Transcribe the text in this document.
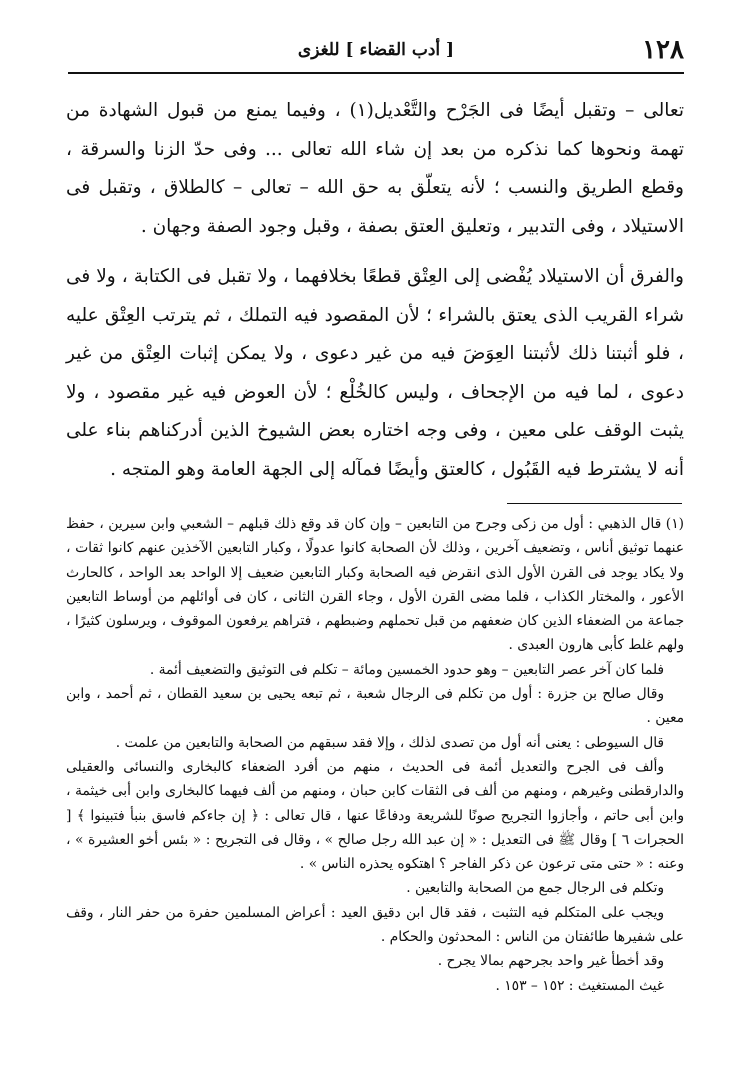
١٢٨
[ أدب القضاء ] للغزى

تعالى – وتقبل أيضًا فى الجَرْح والتَّعْديل(١) ، وفيما يمنع من قبول الشهادة من تهمة ونحوها كما نذكره من بعد إن شاء الله تعالى ... وفى حدّ الزنا والسرقة ، وقطع الطريق والنسب ؛ لأنه يتعلّق به حق الله – تعالى – كالطلاق ، وتقبل فى الاستيلاد ، وفى التدبير ، وتعليق العتق بصفة ، وقبل وجود الصفة وجهان .

والفرق أن الاستيلاد يُفْضى إلى العِتْق قطعًا بخلافهما ، ولا تقبل فى الكتابة ، ولا فى شراء القريب الذى يعتق بالشراء ؛ لأن المقصود فيه التملك ، ثم يترتب العِتْق عليه ، فلو أثبتنا ذلك لأثبتنا العِوَضَ فيه من غير دعوى ، ولا يمكن إثبات العِتْق من غير دعوى ، لما فيه من الإجحاف ، وليس كالخُلْع ؛ لأن العوض فيه غير مقصود ، ولا يثبت الوقف على معين ، وفى وجه اختاره بعض الشيوخ الذين أدركناهم بناء على أنه لا يشترط فيه القَبُول ، كالعتق وأيضًا فمآله إلى الجهة العامة وهو المتجه .

(١) قال الذهبي : أول من زكى وجرح من التابعين – وإن كان قد وقع ذلك قبلهم – الشعبي وابن سيرين ، حفظ عنهما توثيق أناس ، وتضعيف آخرين ، وذلك لأن الصحابة كانوا عدولًا ، وكبار التابعين الآخذين عنهم كانوا ثقات ، ولا يكاد يوجد فى القرن الأول الذى انقرض فيه الصحابة وكبار التابعين ضعيف إلا الواحد بعد الواحد ، كالحارث الأعور ، والمختار الكذاب ، فلما مضى القرن الأول ، وجاء القرن الثانى ، كان فى أوائلهم من أوساط التابعين جماعة من الضعفاء الذين كان ضعفهم من قبل تحملهم وضبطهم ، فتراهم يرفعون الموقوف ، ويرسلون كثيرًا ، ولهم غلط كأبى هارون العبدى .

فلما كان آخر عصر التابعين – وهو حدود الخمسين ومائة – تكلم فى التوثيق والتضعيف أئمة .

وقال صالح بن جزرة : أول من تكلم فى الرجال شعبة ، ثم تبعه يحيى بن سعيد القطان ، ثم أحمد ، وابن معين .

قال السيوطى : يعنى أنه أول من تصدى لذلك ، وإلا فقد سبقهم من الصحابة والتابعين من علمت .

وألف فى الجرح والتعديل أئمة فى الحديث ، منهم من أفرد الضعفاء كالبخارى والنسائى والعقيلى والدارقطنى وغيرهم ، ومنهم من ألف فى الثقات كابن حبان ، ومنهم من ألف فيهما كالبخارى وابن أبى خيثمة ، وابن أبى حاتم ، وأجازوا التجريح صونًا للشريعة ودفاعًا عنها ، قال تعالى : ﴿ إن جاءكم فاسق بنبأ فتبينوا ﴾ [ الحجرات ٦ ] وقال ﷺ فى التعديل : « إن عبد الله رجل صالح » ، وقال فى التجريح : « بئس أخو العشيرة » ، وعنه : « حتى متى ترعون عن ذكر الفاجر ؟ اهتكوه يحذره الناس » .

وتكلم فى الرجال جمع من الصحابة والتابعين .

ويجب على المتكلم فيه التثبت ، فقد قال ابن دقيق العيد : أعراض المسلمين حفرة من حفر النار ، وقف على شفيرها طائفتان من الناس : المحدثون والحكام .

وقد أخطأ غير واحد بجرحهم بمالا يجرح .

غيث المستغيث : ١٥٢ – ١٥٣ .
